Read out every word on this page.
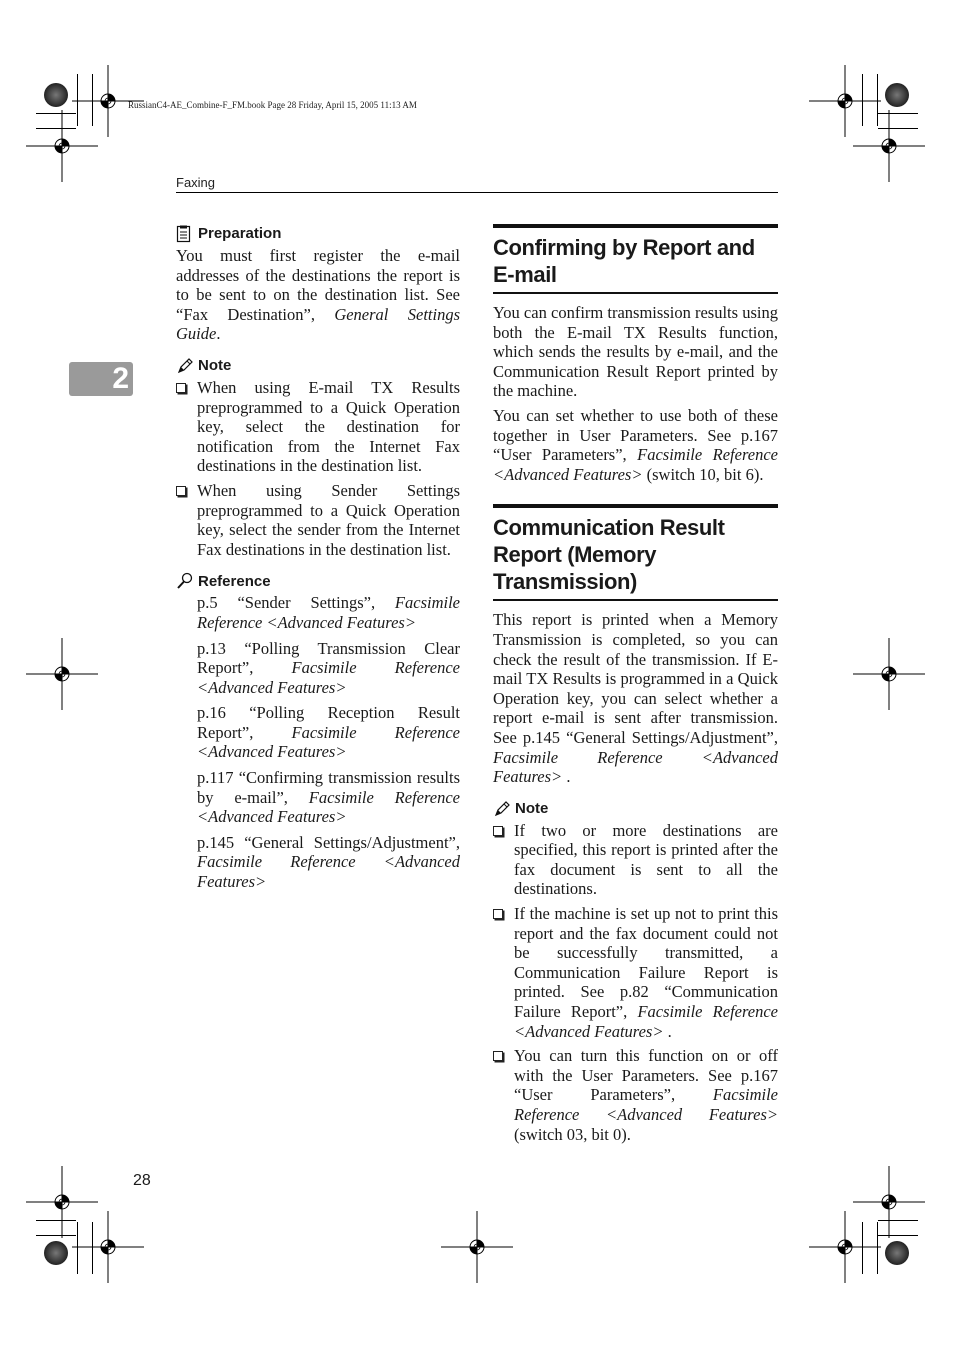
RussianC4-AE_Combine-F_FM.book Page 28 Friday, April 15, 2005 11:13 AM
Faxing
2
Preparation

You must first register the e-mail addresses of the destinations the report is to be sent to on the destination list. See “Fax Destination”, General Settings Guide.

Note
When using E-mail TX Results preprogrammed to a Quick Operation key, select the destination for notification from the Internet Fax destinations in the destination list.
When using Sender Settings preprogrammed to a Quick Operation key, select the sender from the Internet Fax destinations in the destination list.
Reference
p.5 “Sender Settings”, Facsimile Reference <Advanced Features>
p.13 “Polling Transmission Clear Report”, Facsimile Reference <Advanced Features>
p.16 “Polling Reception Result Report”, Facsimile Reference <Advanced Features>
p.117 “Confirming transmission results by e-mail”, Facsimile Reference <Advanced Features>
p.145 “General Settings/Adjustment”, Facsimile Reference <Advanced Features>
Confirming by Report and E-mail

You can confirm transmission results using both the E-mail TX Results function, which sends the results by e-mail, and the Communication Result Report printed by the machine.

You can set whether to use both of these together in User Parameters. See p.167 “User Parameters”, Facsimile Reference <Advanced Features> (switch 10, bit 6).

Communication Result Report (Memory Transmission)

This report is printed when a Memory Transmission is completed, so you can check the result of the transmission. If E-mail TX Results is programmed in a Quick Operation key, you can select whether a report e-mail is sent after transmission. See p.145 “General Settings/Adjustment”, Facsimile Reference <Advanced Features> .

Note
If two or more destinations are specified, this report is printed after the fax document is sent to all the destinations.
If the machine is set up not to print this report and the fax document could not be successfully transmitted, a Communication Failure Report is printed. See p.82 “Communication Failure Report”, Facsimile Reference <Advanced Features> .
You can turn this function on or off with the User Parameters. See p.167 “User Parameters”, Facsimile Reference <Advanced Features> (switch 03, bit 0).
28
